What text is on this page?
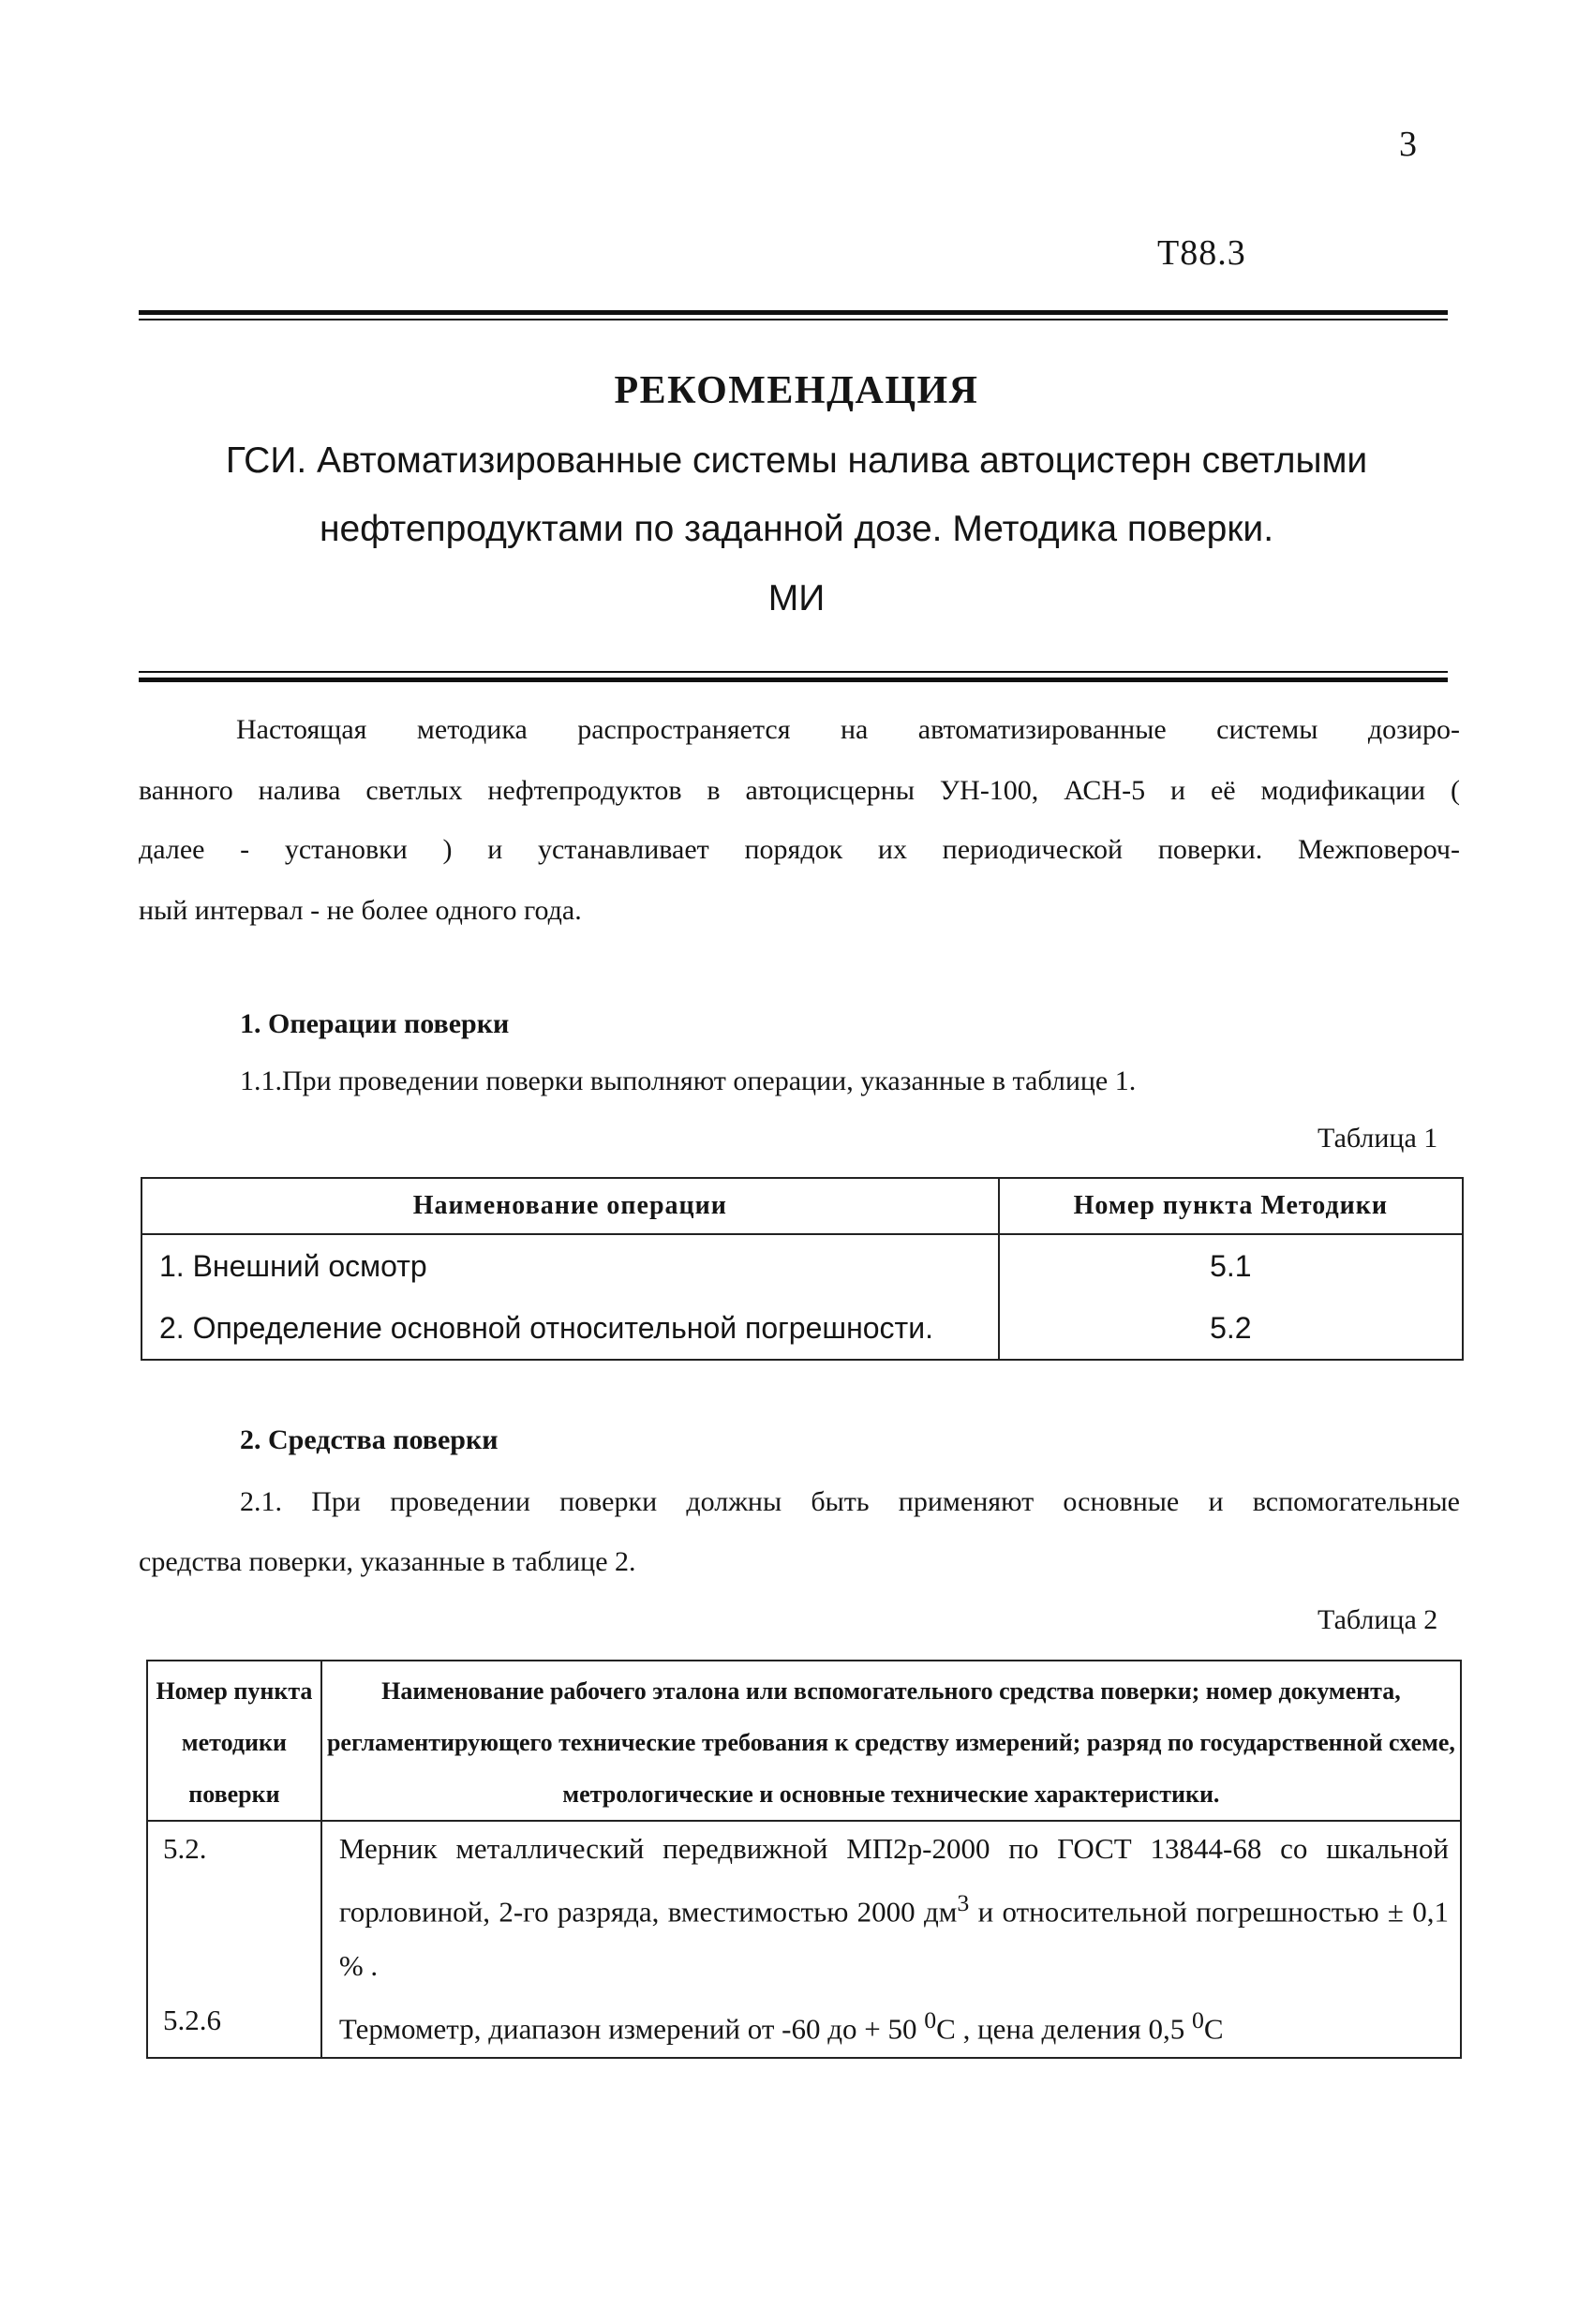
3
Т88.3
РЕКОМЕНДАЦИЯ
ГСИ. Автоматизированные системы налива автоцистерн светлыми
нефтепродуктами по заданной дозе. Методика поверки.
МИ
Настоящая методика распространяется на автоматизированные системы дозиро-
ванного налива светлых нефтепродуктов в автоцисцерны УН-100, АСН-5 и её модификации (
далее - установки ) и устанавливает порядок их периодической поверки. Межповероч-
ный интервал - не более одного года.
1. Операции поверки
1.1.При проведении поверки выполняют операции, указанные в таблице 1.
Таблица 1
Наименование операции	Номер пункта Методики
1. Внешний осмотр	5.1
2. Определение основной относительной погрешности.	5.2
2. Средства поверки
2.1. При проведении поверки должны быть применяют основные и вспомогательные
средства поверки, указанные в таблице 2.
Таблица 2
Номер пункта методики поверки	Наименование рабочего эталона или вспомогательного средства поверки; номер документа, регламентирующего технические требования к средству измерений; разряд по государственной схеме, метрологические и основные технические характеристики.
5.2.	Мерник металлический передвижной МП2р-2000 по ГОСТ 13844-68 со шкальной горловиной, 2-го разряда, вместимостью 2000 $дм^3$ и относительной погрешностью ± 0,1 % .
5.2.6	Термометр, диапазон измерений от -60 до + 50 $^0$С , цена деления 0,5 $^0$С
